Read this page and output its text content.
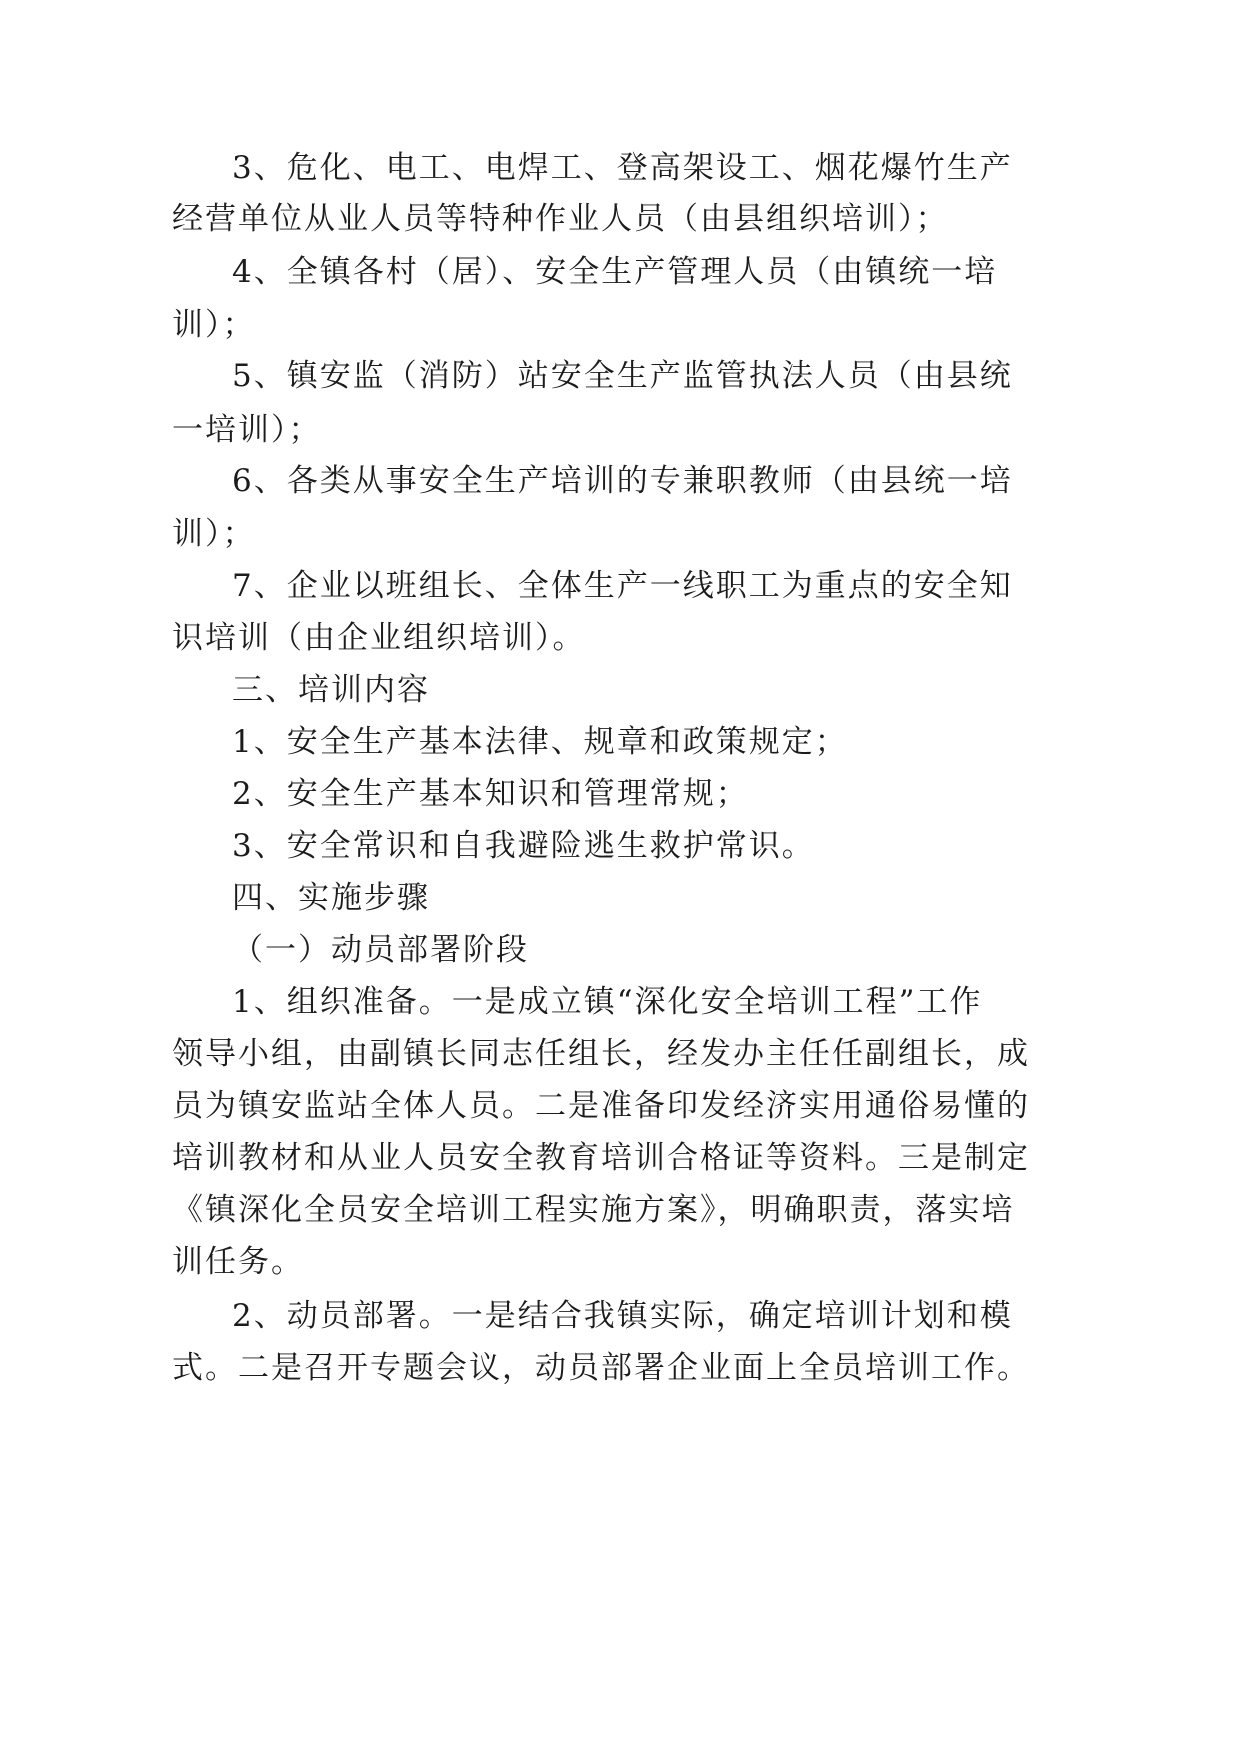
3、危化、电工、电焊工、登高架设工、烟花爆竹生产
经营单位从业人员等特种作业人员（由县组织培训）；
4、全镇各村（居）、安全生产管理人员（由镇统一培
训）；
5、镇安监（消防）站安全生产监管执法人员（由县统
一培训）；
6、各类从事安全生产培训的专兼职教师（由县统一培
训）；
7、企业以班组长、全体生产一线职工为重点的安全知
识培训（由企业组织培训）。
三、培训内容
1、安全生产基本法律、规章和政策规定；
2、安全生产基本知识和管理常规；
3、安全常识和自我避险逃生救护常识。
四、实施步骤
（一）动员部署阶段
1、组织准备。一是成立镇“深化安全培训工程”工作
领导小组，由副镇长同志任组长，经发办主任任副组长，成
员为镇安监站全体人员。二是准备印发经济实用通俗易懂的
培训教材和从业人员安全教育培训合格证等资料。三是制定
《镇深化全员安全培训工程实施方案》，明确职责，落实培
训任务。
2、动员部署。一是结合我镇实际，确定培训计划和模
式。二是召开专题会议，动员部署企业面上全员培训工作。
